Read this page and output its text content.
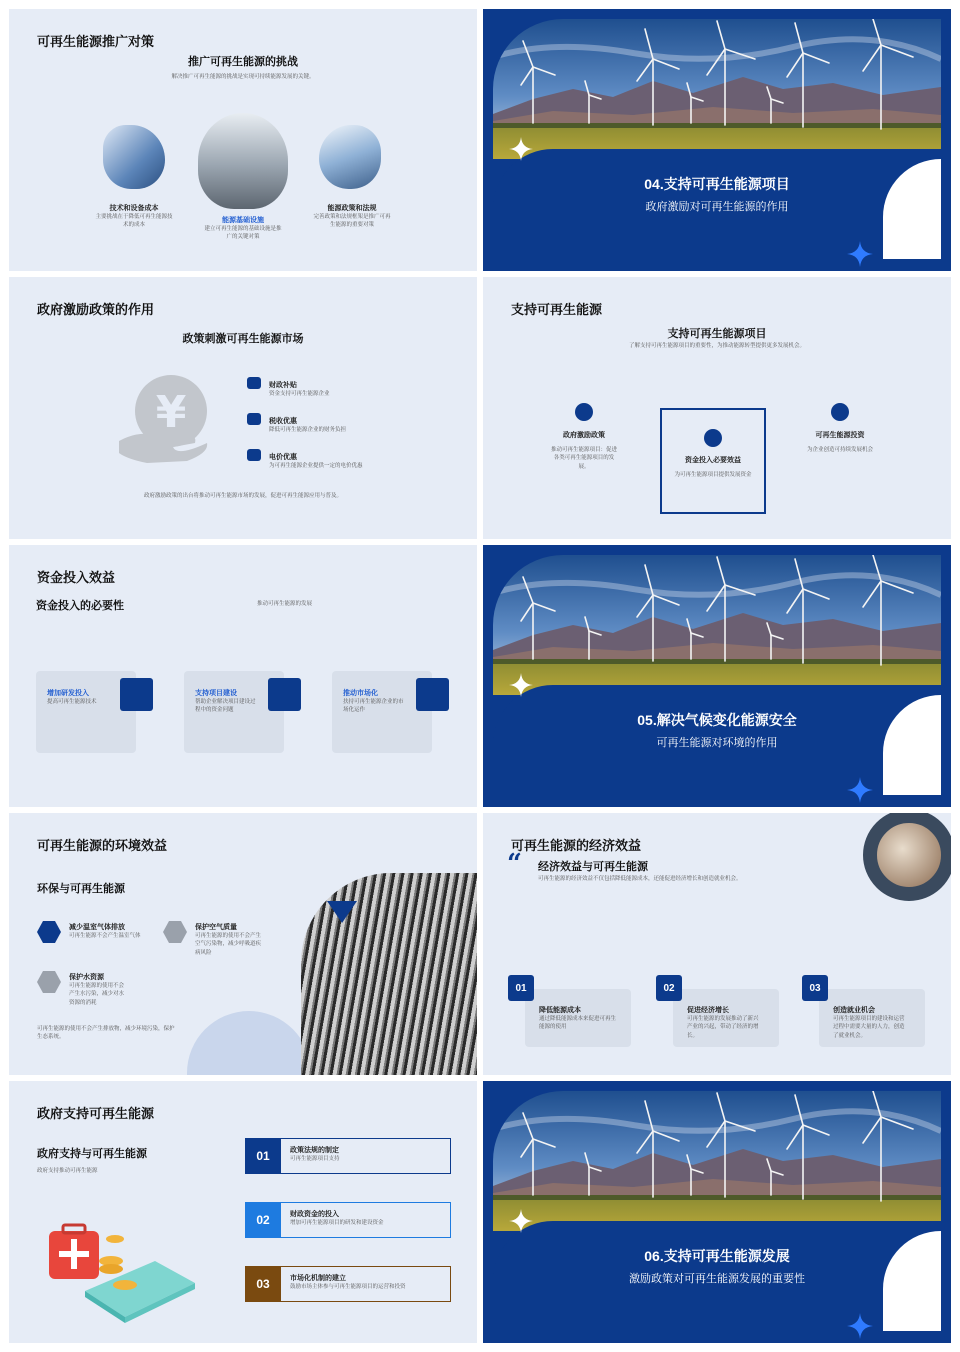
可再生能源推广对策
推广可再生能源的挑战
解决推广可再生能源的挑战是实现可持续能源发展的关键。
技术和设备成本
主要挑战在于降低可再生能源技术的成本
能源基础设施
建立可再生能源的基础设施是推广的关键对策
能源政策和法规
完善政策和法规框架是推广可再生能源的重要对策
04.支持可再生能源项目
政府激励对可再生能源的作用
政府激励政策的作用
政策刺激可再生能源市场
¥
财政补贴
资金支持可再生能源企业
税收优惠
降低可再生能源企业的财务负担
电价优惠
为可再生能源企业提供一定的电价优惠
政府激励政策的出台将推动可再生能源市场的发展，促进可再生能源应用与普及。
支持可再生能源
支持可再生能源项目
了解支持可再生能源项目的重要性，为推动能源转型提供更多发展机会。
政府激励政策
推动可再生能源项目：促进各类可再生能源项目的发展。
资金投入必要效益
为可再生能源项目提供发展资金
可再生能源投资
为企业创造可持续发展机会
资金投入效益
资金投入的必要性	推动可再生能源的发展
增加研发投入
提高可再生能源技术
支持项目建设
帮助企业解决项目建设过程中的资金问题
推动市场化
扶持可再生能源企业的市场化运作
05.解决气候变化能源安全
可再生能源对环境的作用
可再生能源的环境效益
环保与可再生能源
减少温室气体排放
可再生能源不会产生温室气体
保护空气质量
可再生能源的使用不会产生空气污染物，减少呼吸道疾病风险
保护水资源
可再生能源的使用不会产生水污染，减少对水资源的消耗
可再生能源的使用不会产生排放物，减少环境污染，保护生态系统。
可再生能源的经济效益
“ 经济效益与可再生能源
可再生能源的经济效益不仅包括降低能源成本，还能促进经济增长和创造就业机会。
01
降低能源成本
通过降低能源成本来促进可再生能源的使用
02
促进经济增长
可再生能源的发展推动了新兴产业的兴起，带动了经济的增长。
03
创造就业机会
可再生能源项目的建设和运营过程中需要大量的人力，创造了就业机会。
政府支持可再生能源
政府支持与可再生能源
政府支持推动可再生能源
01	政策法规的制定
可再生能源项目支持
02	财政资金的投入
增加可再生能源项目的研发和建设资金
03	市场化机制的建立
鼓励市场主体参与可再生能源项目的运营和投资
06.支持可再生能源发展
激励政策对可再生能源发展的重要性
